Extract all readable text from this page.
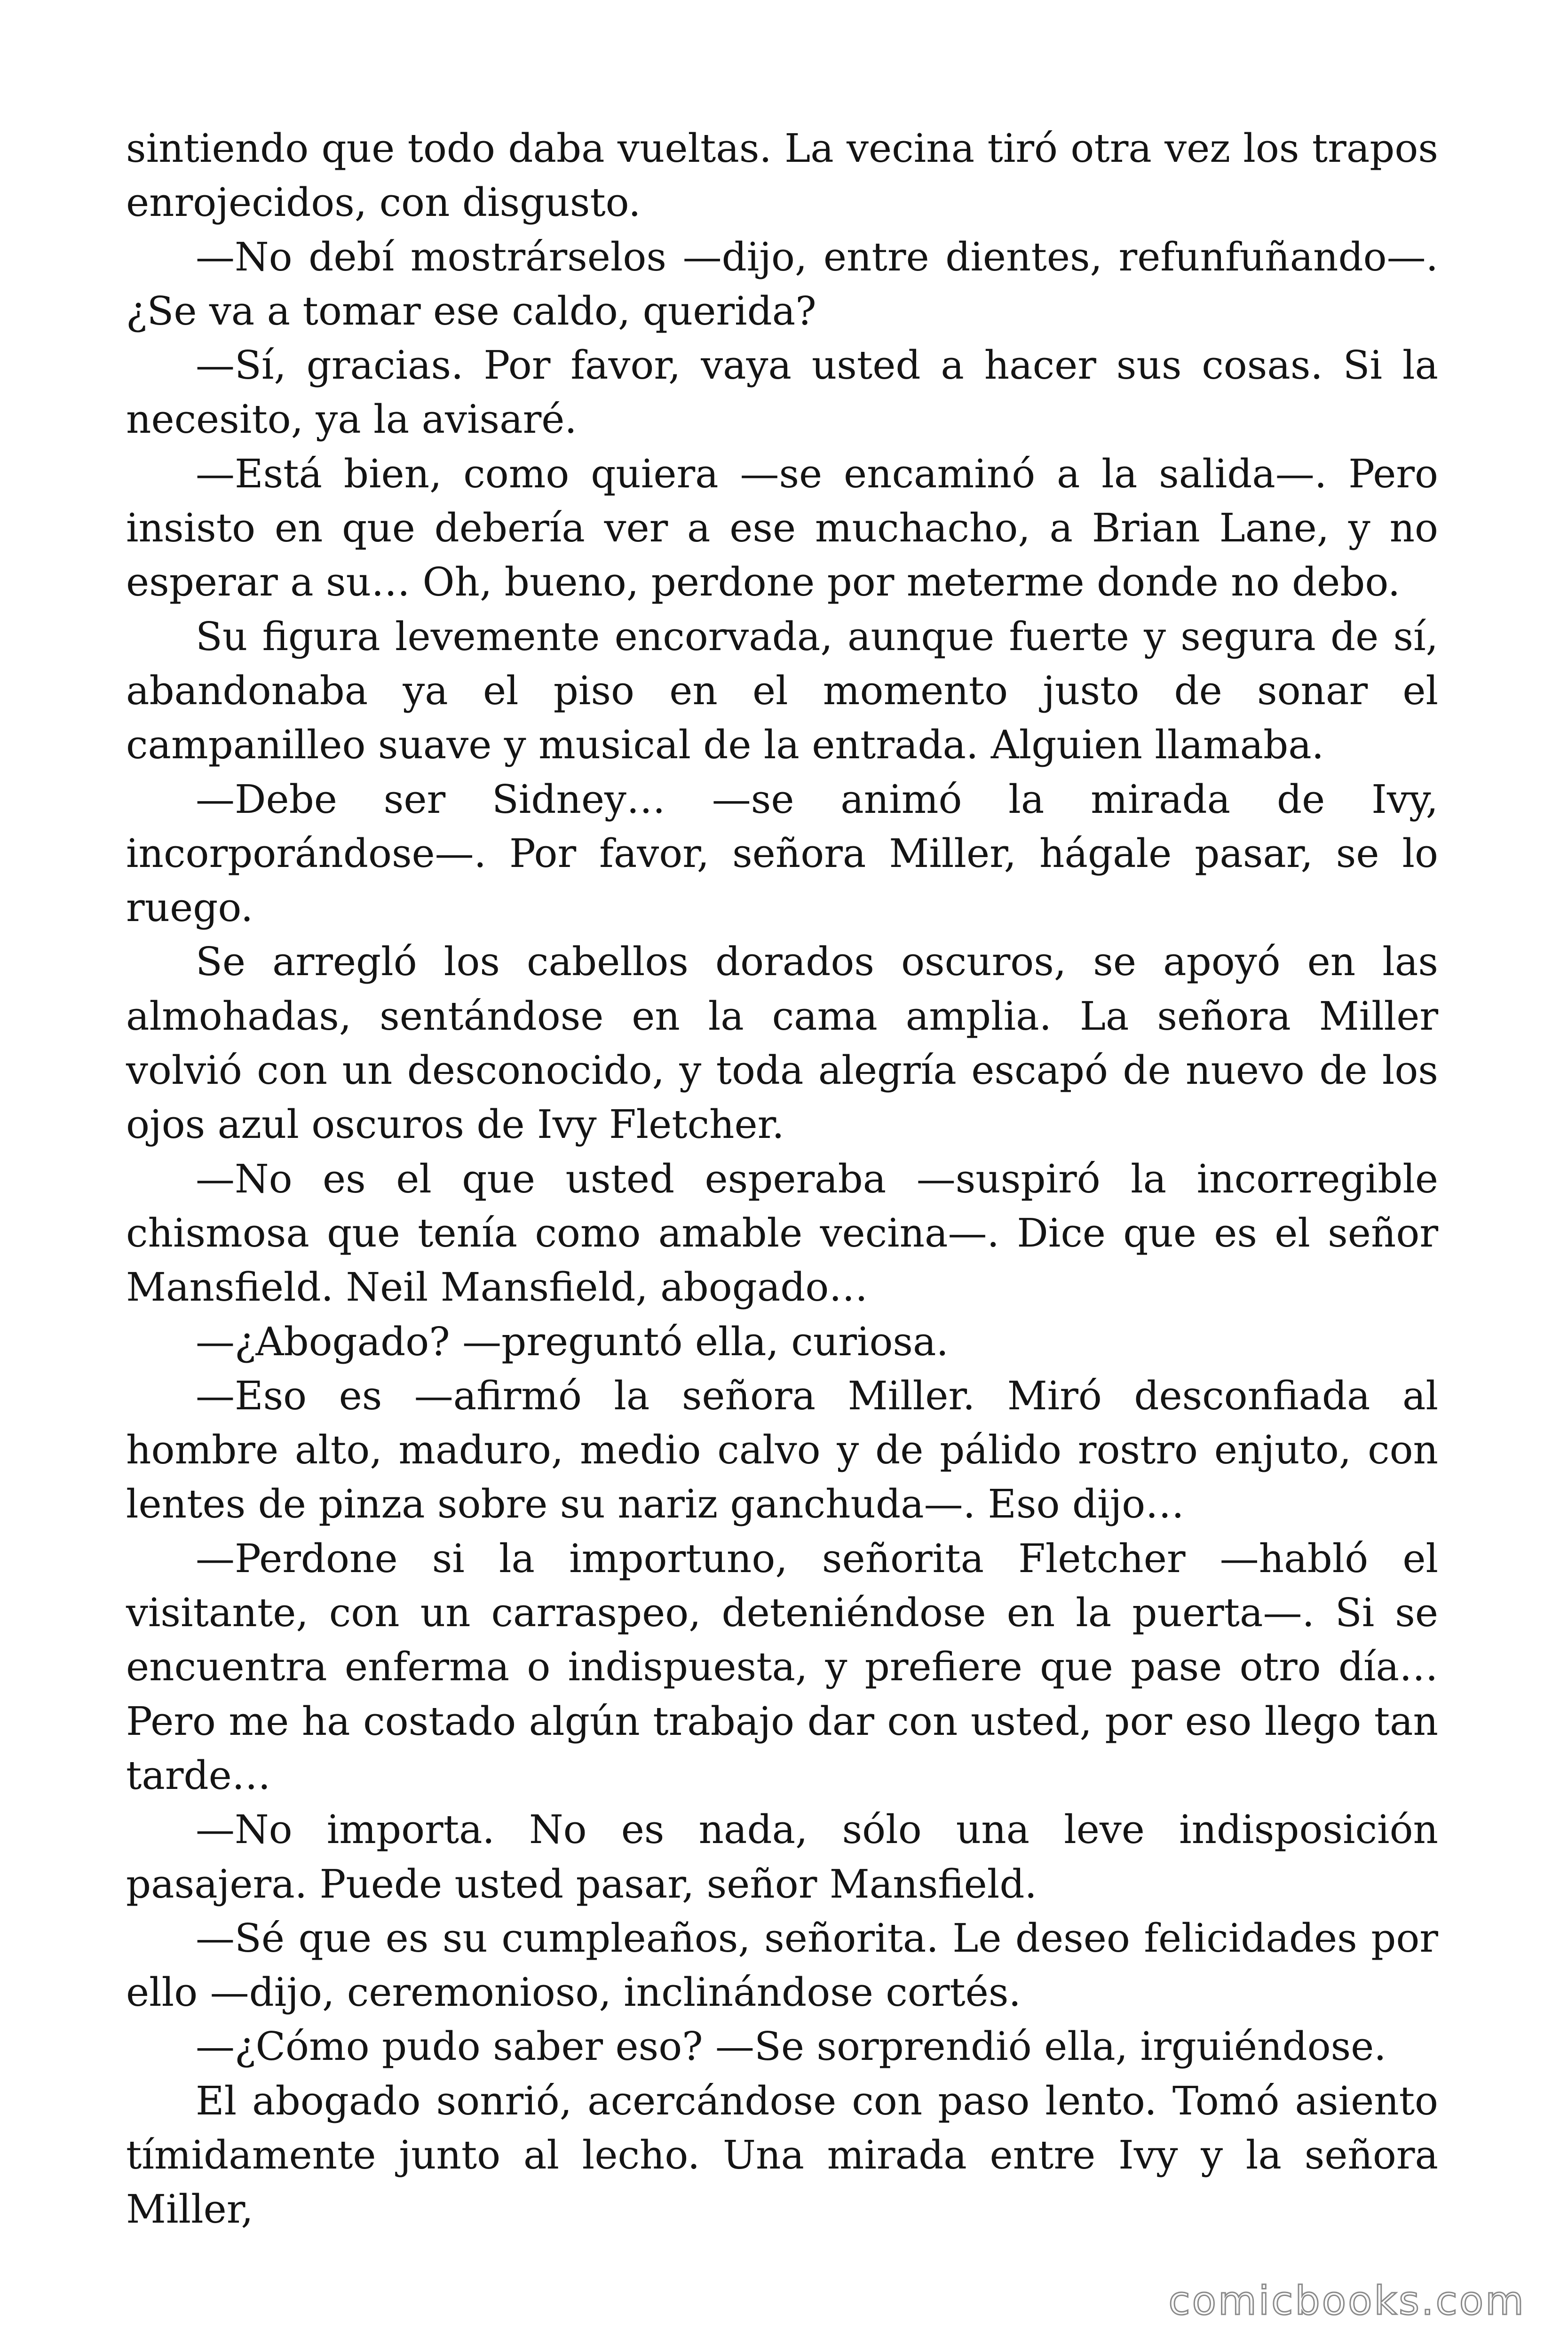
sintiendo que todo daba vueltas. La vecina tiró otra vez los trapos enrojecidos, con disgusto.

—No debí mostrárselos —dijo, entre dientes, refunfuñando—. ¿Se va a tomar ese caldo, querida?

—Sí, gracias. Por favor, vaya usted a hacer sus cosas. Si la necesito, ya la avisaré.

—Está bien, como quiera —se encaminó a la salida—. Pero insisto en que debería ver a ese muchacho, a Brian Lane, y no esperar a su… Oh, bueno, perdone por meterme donde no debo.

Su figura levemente encorvada, aunque fuerte y segura de sí, abandonaba ya el piso en el momento justo de sonar el campanilleo suave y musical de la entrada. Alguien llamaba.

—Debe ser Sidney… —se animó la mirada de Ivy, incorporándose—. Por favor, señora Miller, hágale pasar, se lo ruego.

Se arregló los cabellos dorados oscuros, se apoyó en las almohadas, sentándose en la cama amplia. La señora Miller volvió con un desconocido, y toda alegría escapó de nuevo de los ojos azul oscuros de Ivy Fletcher.

—No es el que usted esperaba —suspiró la incorregible chismosa que tenía como amable vecina—. Dice que es el señor Mansfield. Neil Mansfield, abogado…

—¿Abogado? —preguntó ella, curiosa.

—Eso es —afirmó la señora Miller. Miró desconfiada al hombre alto, maduro, medio calvo y de pálido rostro enjuto, con lentes de pinza sobre su nariz ganchuda—. Eso dijo…

—Perdone si la importuno, señorita Fletcher —habló el visitante, con un carraspeo, deteniéndose en la puerta—. Si se encuentra enferma o indispuesta, y prefiere que pase otro día… Pero me ha costado algún trabajo dar con usted, por eso llego tan tarde…

—No importa. No es nada, sólo una leve indisposición pasajera. Puede usted pasar, señor Mansfield.

—Sé que es su cumpleaños, señorita. Le deseo felicidades por ello —dijo, ceremonioso, inclinándose cortés.

—¿Cómo pudo saber eso? —Se sorprendió ella, irguiéndose.

El abogado sonrió, acercándose con paso lento. Tomó asiento tímidamente junto al lecho. Una mirada entre Ivy y la señora Miller,

comicbooks.com
